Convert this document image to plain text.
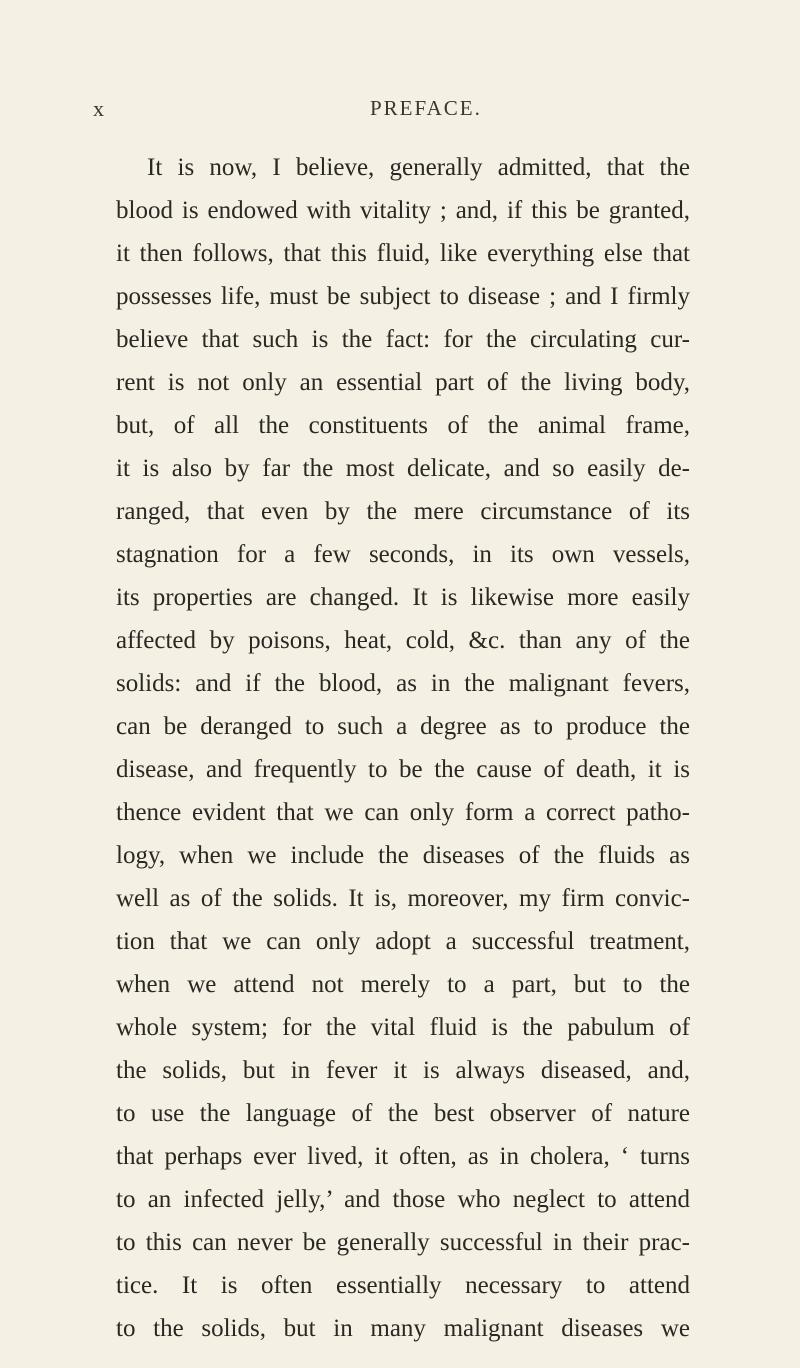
x	PREFACE.
It is now, I believe, generally admitted, that the
blood is endowed with vitality ; and, if this be granted,
it then follows, that this fluid, like everything else that
possesses life, must be subject to disease ; and I firmly
believe that such is the fact: for the circulating cur-
rent is not only an essential part of the living body,
but, of all the constituents of the animal frame,
it is also by far the most delicate, and so easily de-
ranged, that even by the mere circumstance of its
stagnation for a few seconds, in its own vessels,
its properties are changed. It is likewise more easily
affected by poisons, heat, cold, &c. than any of the
solids: and if the blood, as in the malignant fevers,
can be deranged to such a degree as to produce the
disease, and frequently to be the cause of death, it is
thence evident that we can only form a correct patho-
logy, when we include the diseases of the fluids as
well as of the solids. It is, moreover, my firm convic-
tion that we can only adopt a successful treatment,
when we attend not merely to a part, but to the
whole system; for the vital fluid is the pabulum of
the solids, but in fever it is always diseased, and,
to use the language of the best observer of nature
that perhaps ever lived, it often, as in cholera, ‘ turns
to an infected jelly,’ and those who neglect to attend
to this can never be generally successful in their prac-
tice. It is often essentially necessary to attend
to the solids, but in many malignant diseases we
